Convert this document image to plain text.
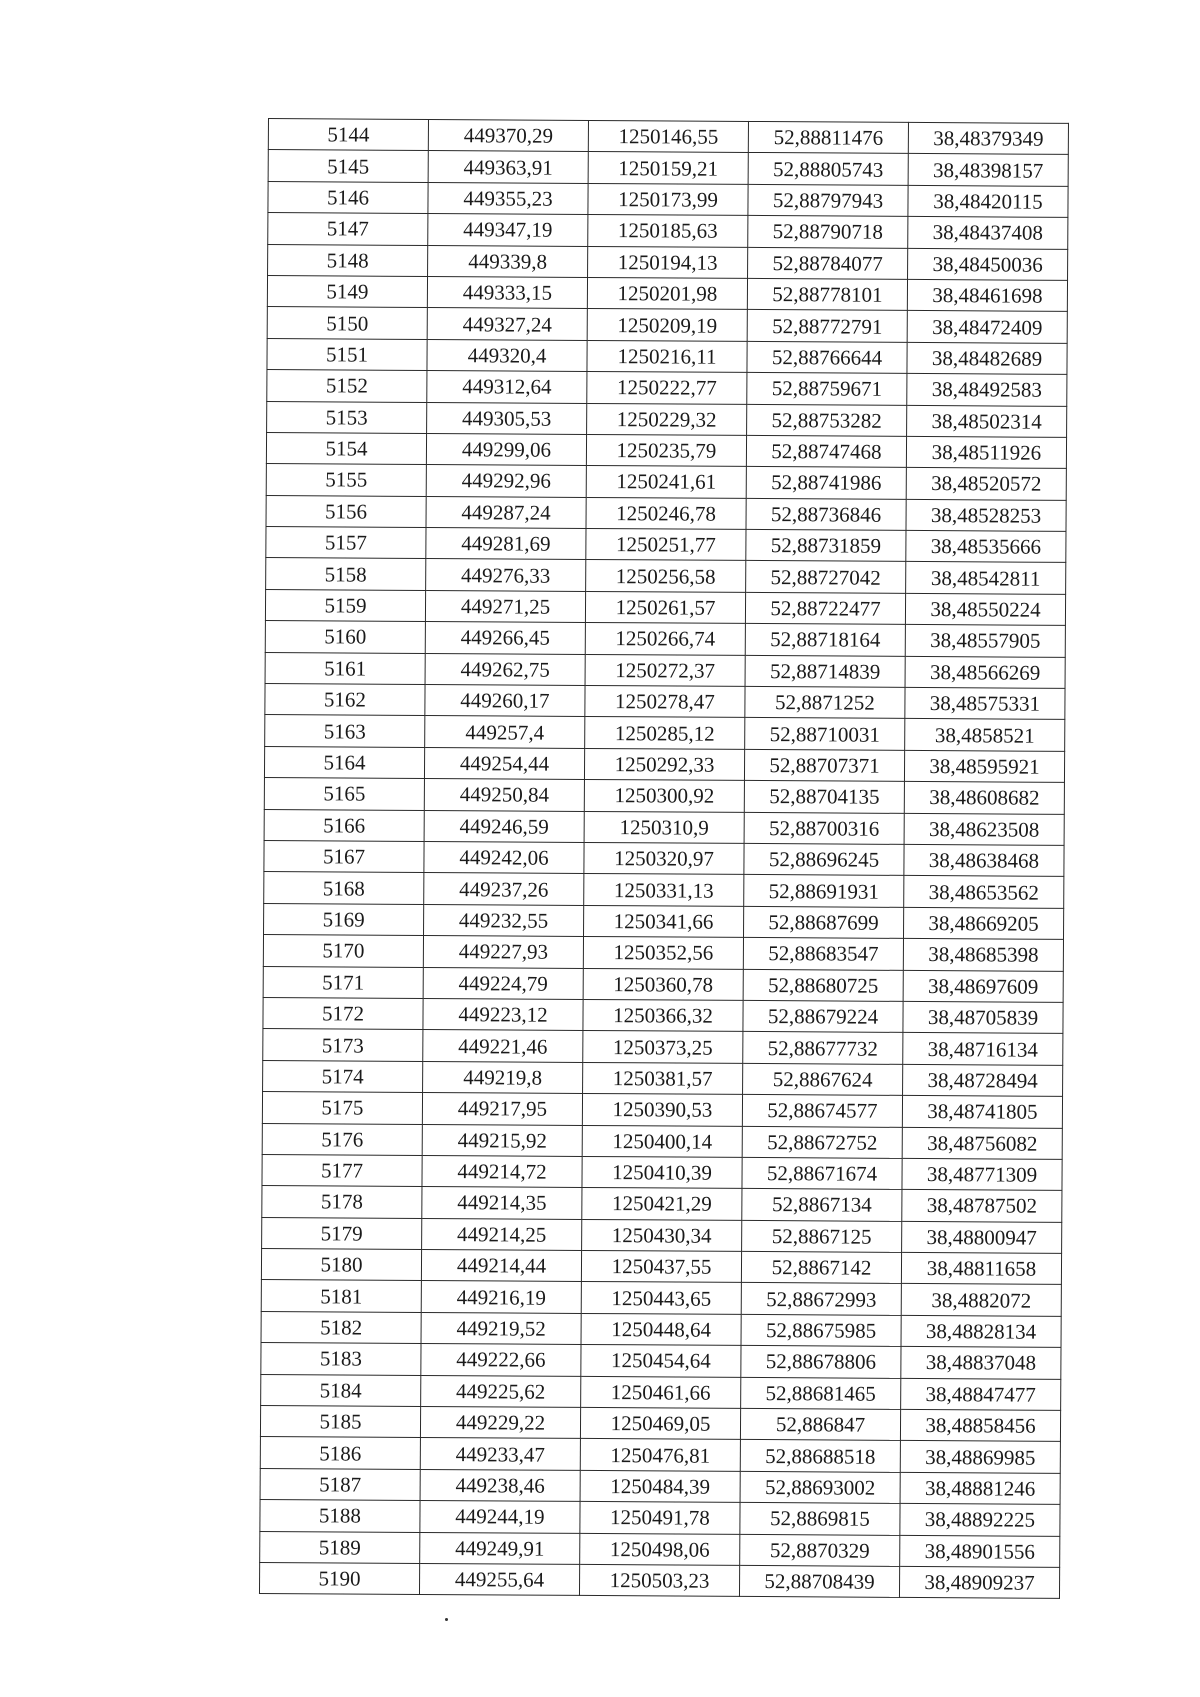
5144	449370,29	1250146,55	52,88811476	38,48379349
5145	449363,91	1250159,21	52,88805743	38,48398157
5146	449355,23	1250173,99	52,88797943	38,48420115
5147	449347,19	1250185,63	52,88790718	38,48437408
5148	449339,8	1250194,13	52,88784077	38,48450036
5149	449333,15	1250201,98	52,88778101	38,48461698
5150	449327,24	1250209,19	52,88772791	38,48472409
5151	449320,4	1250216,11	52,88766644	38,48482689
5152	449312,64	1250222,77	52,88759671	38,48492583
5153	449305,53	1250229,32	52,88753282	38,48502314
5154	449299,06	1250235,79	52,88747468	38,48511926
5155	449292,96	1250241,61	52,88741986	38,48520572
5156	449287,24	1250246,78	52,88736846	38,48528253
5157	449281,69	1250251,77	52,88731859	38,48535666
5158	449276,33	1250256,58	52,88727042	38,48542811
5159	449271,25	1250261,57	52,88722477	38,48550224
5160	449266,45	1250266,74	52,88718164	38,48557905
5161	449262,75	1250272,37	52,88714839	38,48566269
5162	449260,17	1250278,47	52,8871252	38,48575331
5163	449257,4	1250285,12	52,88710031	38,4858521
5164	449254,44	1250292,33	52,88707371	38,48595921
5165	449250,84	1250300,92	52,88704135	38,48608682
5166	449246,59	1250310,9	52,88700316	38,48623508
5167	449242,06	1250320,97	52,88696245	38,48638468
5168	449237,26	1250331,13	52,88691931	38,48653562
5169	449232,55	1250341,66	52,88687699	38,48669205
5170	449227,93	1250352,56	52,88683547	38,48685398
5171	449224,79	1250360,78	52,88680725	38,48697609
5172	449223,12	1250366,32	52,88679224	38,48705839
5173	449221,46	1250373,25	52,88677732	38,48716134
5174	449219,8	1250381,57	52,8867624	38,48728494
5175	449217,95	1250390,53	52,88674577	38,48741805
5176	449215,92	1250400,14	52,88672752	38,48756082
5177	449214,72	1250410,39	52,88671674	38,48771309
5178	449214,35	1250421,29	52,8867134	38,48787502
5179	449214,25	1250430,34	52,8867125	38,48800947
5180	449214,44	1250437,55	52,8867142	38,48811658
5181	449216,19	1250443,65	52,88672993	38,4882072
5182	449219,52	1250448,64	52,88675985	38,48828134
5183	449222,66	1250454,64	52,88678806	38,48837048
5184	449225,62	1250461,66	52,88681465	38,48847477
5185	449229,22	1250469,05	52,886847	38,48858456
5186	449233,47	1250476,81	52,88688518	38,48869985
5187	449238,46	1250484,39	52,88693002	38,48881246
5188	449244,19	1250491,78	52,8869815	38,48892225
5189	449249,91	1250498,06	52,8870329	38,48901556
5190	449255,64	1250503,23	52,88708439	38,48909237
